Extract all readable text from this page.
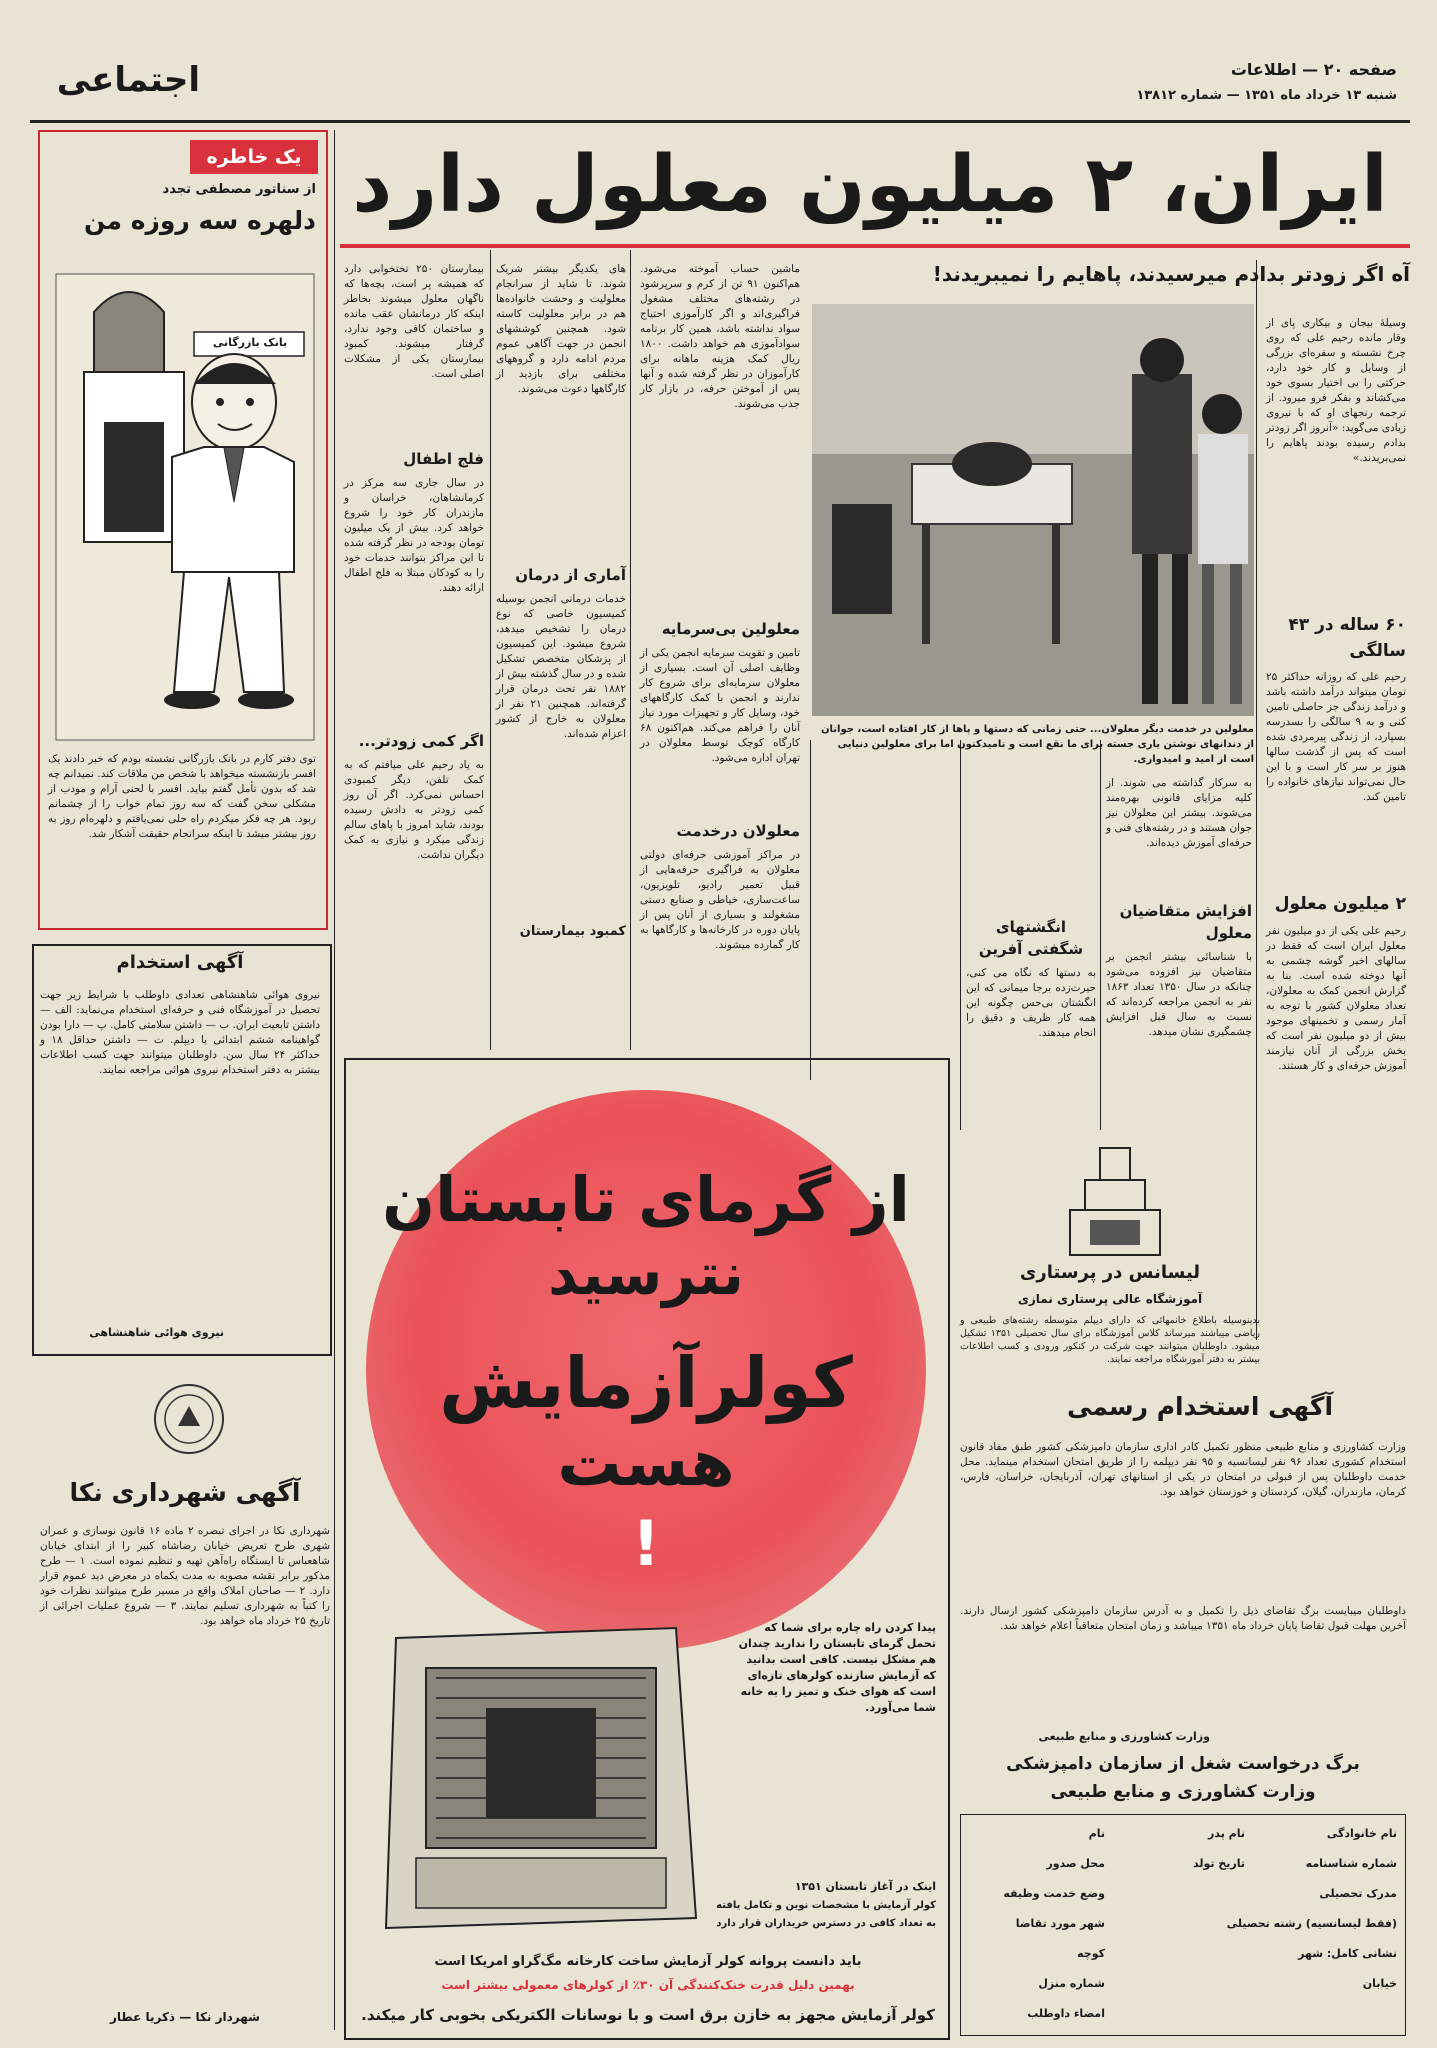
اجتماعی	صفحه ۲۰ — اطلاعات
شنبه ۱۳ خرداد ماه ۱۳۵۱ — شماره ۱۳۸۱۲
ایران، ۲ میلیون معلول دارد
یک خاطره
از سناتور مصطفی تجدد
دلهره سه روزه من
بانک بازرگانی
توی دفتر کارم در بانک بازرگانی نشسته بودم که خبر دادند یک افسر بازنشسته میخواهد با شخص من ملاقات کند. نمیدانم چه شد که بدون تأمل گفتم بیاید. افسر با لحنی آرام و مودب از مشکلی سخن گفت که سه روز تمام خواب را از چشمانم ربود. هر چه فکر میکردم راه حلی نمی‌یافتم و دلهره‌ام روز به روز بیشتر میشد تا اینکه سرانجام حقیقت آشکار شد.
آگهی استخدام
نیروی هوائی شاهنشاهی تعدادی داوطلب با شرایط زیر جهت تحصیل در آموزشگاه فنی و حرفه‌ای استخدام می‌نماید: الف — داشتن تابعیت ایران. ب — داشتن سلامتی کامل. پ — دارا بودن گواهینامه ششم ابتدائی یا دیپلم. ت — داشتن حداقل ۱۸ و حداکثر ۲۴ سال سن. داوطلبان میتوانند جهت کسب اطلاعات بیشتر به دفتر استخدام نیروی هوائی مراجعه نمایند.
نیروی هوائی شاهنشاهی
آگهی شهرداری نکا
شهرداری نکا در اجرای تبصره ۲ ماده ۱۶ قانون نوسازی و عمران شهری طرح تعریض خیابان رضاشاه کبیر را از ابتدای خیابان شاهعباس تا ایستگاه راه‌آهن تهیه و تنظیم نموده است. ۱ — طرح مذکور برابر نقشه مصوبه به مدت یکماه در معرض دید عموم قرار دارد. ۲ — صاحبان املاک واقع در مسیر طرح میتوانند نظرات خود را کتباً به شهرداری تسلیم نمایند. ۳ — شروع عملیات اجرائی از تاریخ ۲۵ خرداد ماه خواهد بود.
شهردار نکا — ذکریا عطار
وسیلهٔ بیجان و بیکاری پای از وقار مانده رحیم علی که روی چرخ نشسته و سفره‌ای بزرگی از وسایل و کار خود دارد، حرکتی را بی اختیار بسوی خود می‌کشاند و بفکر فرو میرود. از ترجمه رنجهای او که با نیروی زیادی می‌گوید: «آنروز اگر زودتر بدادم رسیده بودند پاهایم را نمی‌بریدند.»
۶۰ ساله در ۴۳ سالگی
رحیم علی که روزانه حداکثر ۲۵ تومان میتواند درآمد داشته باشد و درآمد زندگی جز حاصلی تامین کنی و به ۹ سالگی را بسدرسه بسپارد، از زندگی پیرمردی شده است که پس از گذشت سالها هنوز بر سر کار است و با این حال نمی‌تواند نیازهای خانواده را تامین کند.
۲ میلیون معلول
رحیم علی یکی از دو میلیون نفر معلول ایران است که فقط در سالهای اخیر گوشه چشمی به آنها دوخته شده است. بنا به گزارش انجمن کمک به معلولان، تعداد معلولان کشور با توجه به آمار رسمی و تخمینهای موجود بیش از دو میلیون نفر است که بخش بزرگی از آنان نیازمند آموزش حرفه‌ای و کار هستند.
آه اگر زودتر بدادم میرسیدند، پاهایم را نمیبریدند!
معلولین در خدمت دیگر معلولان... حتی زمانی که دستها و پاها از کار افتاده است، جوانان از دندانهای نوشتن یاری جسته برای ما نقع است و نامیدکنون اما برای معلولین دنیایی است از امید و امیدواری.
ماشین حساب آموخته می‌شود. هم‌اکنون ۹۱ تن از کرم و سرپرشود در رشته‌های مختلف مشغول فراگیری‌اند و اگر کارآموزی احتیاج سواد نداشته باشد، همین کار برنامه سواد‌آموزی هم خواهد داشت. ۱۸۰۰ ریال کمک هزینه ماهانه برای کارآموزان در نظر گرفته شده و آنها پس از آموختن حرفه، در بازار کار جذب می‌شوند.
معلولین بی‌سرمایه
تامین و تقویت سرمایه انجمن یکی از وظایف اصلی آن است. بسیاری از معلولان سرمایه‌ای برای شروع کار ندارند و انجمن با کمک کارگاههای خود، وسایل کار و تجهیزات مورد نیاز آنان را فراهم می‌کند. هم‌اکنون ۶۸ کارگاه کوچک توسط معلولان در تهران اداره می‌شود.
معلولان درخدمت
در مراکز آموزشی حرفه‌ای دولتی معلولان به فراگیری حرفه‌هایی از قبیل تعمیر رادیو، تلویزیون، ساعت‌سازی، خیاطی و صنایع دستی مشغولند و بسیاری از آنان پس از پایان دوره در کارخانه‌ها و کارگاهها به کار گمارده میشوند.
های یکدیگر بیشتر شریک شوند. تا شاید از سرانجام معلولیت و وحشت خانواده‌ها هم در برابر معلولیت کاسته شود. همچنین کوششهای انجمن در جهت آگاهی عموم مردم ادامه دارد و گروههای مختلفی برای بازدید از کارگاهها دعوت می‌شوند.
آماری از درمان
خدمات درمانی انجمن بوسیله کمیسیون خاصی که نوع درمان را تشخیص میدهد، شروع میشود. این کمیسیون از پزشکان متخصص تشکیل شده و در سال گذشته بیش از ۱۸۸۲ نفر تحت درمان قرار گرفته‌اند. همچنین ۲۱ نفر از معلولان به خارج از کشور اعزام شده‌اند.
کمبود بیمارستان
بیمارستان ۲۵۰ تختخوابی دارد که همیشه پر است، بچه‌ها که ناگهان معلول میشوند بخاطر اینکه کار درمانشان عقب مانده و ساختمان کافی وجود ندارد، گرفتار میشوند. کمبود بیمارستان یکی از مشکلات اصلی است.
فلج اطفال
در سال جاری سه مرکز در کرمانشاهان، خراسان و مازندران کار خود را شروع خواهد کرد. بیش از یک میلیون تومان بودجه در نظر گرفته شده تا این مراکز بتوانند خدمات خود را به کودکان مبتلا به فلج اطفال ارائه دهند.
اگر کمی زودتر...
به یاد رحیم علی میافتم که به کمک تلفن، دیگر کمبودی احساس نمی‌کرد. اگر آن روز کمی زودتر به دادش رسیده بودند، شاید امروز با پاهای سالم زندگی میکرد و نیازی به کمک دیگران نداشت.
به سرکار گذاشته می شوند. از کلیه مزایای قانونی بهره‌مند می‌شوند. بیشتر این معلولان نیز جوان هستند و در رشته‌های فنی و حرفه‌ای آموزش دیده‌اند.
افزایش متقاضیان معلول
با شناسائی بیشتر انجمن بر متقاضیان نیز افزوده می‌شود چنانکه در سال ۱۳۵۰ تعداد ۱۸۶۳ نفر به انجمن مراجعه کرده‌اند که نسبت به سال قبل افزایش چشمگیری نشان میدهد.
انگشتهای شگفتی آفرین
به دستها که نگاه می کنی، حیرت‌زده برجا میمانی که این انگشتان بی‌حس چگونه این همه کار ظریف و دقیق را انجام میدهند.
لیسانس در پرستاری
آموزشگاه عالی پرستاری نمازی
بدینوسیله باطلاع خانمهائی که دارای دیپلم متوسطه رشته‌های طبیعی و ریاضی میباشند میرساند کلاس آموزشگاه برای سال تحصیلی ۱۳۵۱ تشکیل میشود. داوطلبان میتوانند جهت شرکت در کنکور ورودی و کسب اطلاعات بیشتر به دفتر آموزشگاه مراجعه نمایند.
آگهی استخدام رسمی
وزارت کشاورزی و منابع طبیعی منظور تکمیل کادر اداری سازمان دامپزشکی کشور طبق مفاد قانون استخدام کشوری تعداد ۹۶ نفر لیسانسیه و ۹۵ نفر دیپلمه را از طریق امتحان استخدام مینماید. محل خدمت داوطلبان پس از قبولی در امتحان در یکی از استانهای تهران، آذربایجان، خراسان، فارس، کرمان، مازندران، گیلان، کردستان و خوزستان خواهد بود.
داوطلبان میبایست برگ تقاضای ذیل را تکمیل و به آدرس سازمان دامپزشکی کشور ارسال دارند. آخرین مهلت قبول تقاضا پایان خرداد ماه ۱۳۵۱ میباشد و زمان امتحان متعاقباً اعلام خواهد شد.
وزارت کشاورزی و منابع طبیعی
برگ درخواست شغل از سازمان دامپزشکی
وزارت کشاورزی و منابع طبیعی
نام خانوادگی
نام پدر
نام
شماره شناسنامه
تاریخ تولد
محل صدور
مدرک تحصیلی
وضع خدمت وظیفه
(فقط لیسانسیه) رشته تحصیلی
شهر مورد تقاضا
نشانی کامل: شهر
کوچه
خیابان
شماره منزل
امضاء داوطلب
از گرمای تابستان
نترسید
کولرآزمایش
هست
!
پیدا کردن راه چاره برای شما که تحمل گرمای تابستان را ندارید چندان هم مشکل نیست. کافی است بدانید که آزمایش سازنده کولرهای تازه‌ای است که هوای خنک و تمیز را به خانه شما می‌آورد.
اینک در آغاز تابستان ۱۳۵۱
کولر آزمایش با مشخصات نوین و تکامل یافته
به تعداد کافی در دسترس خریداران قرار دارد
باید دانست پروانه کولر آزمایش ساخت کارخانه مگ‌گراو امریکا است
بهمین دلیل قدرت خنک‌کنندگی آن ۳۰٪ از کولرهای معمولی بیشتر است
کولر آزمایش مجهز به خازن برق است و با نوسانات الکتریکی بخوبی کار میکند.
